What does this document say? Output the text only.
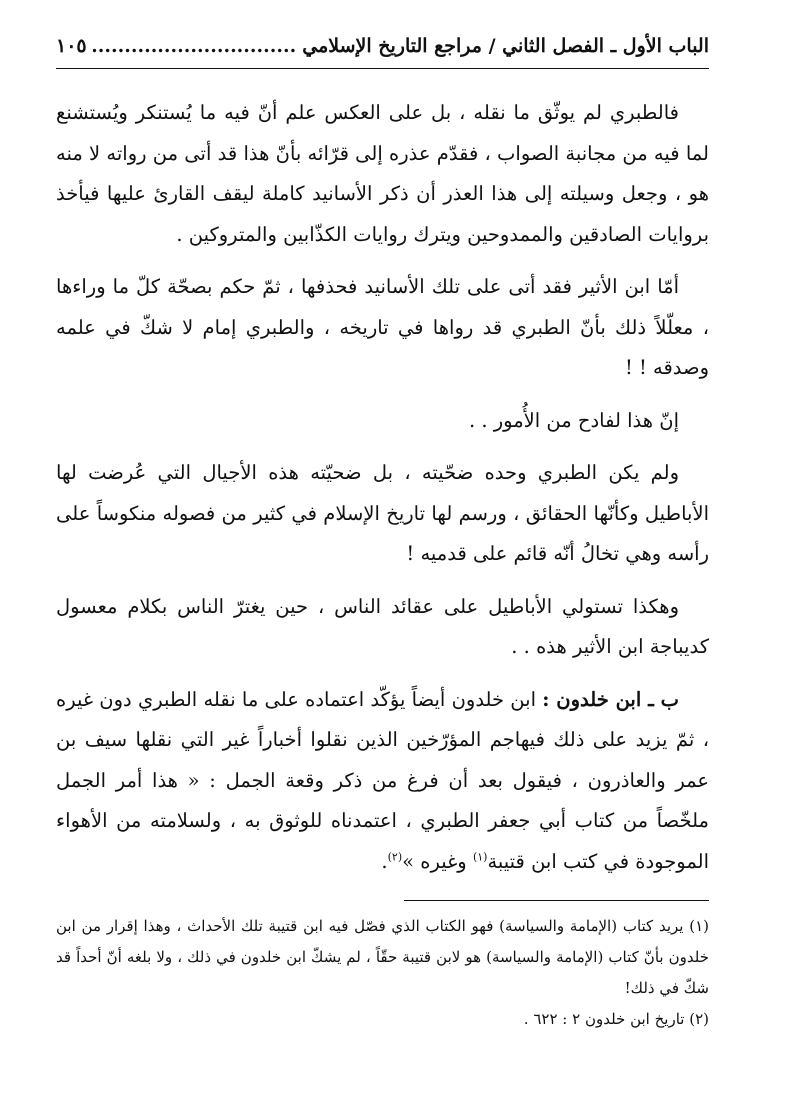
الباب الأول ـ الفصل الثاني / مراجع التاريخ الإسلامي
.....
١٠٥

فالطبري لم يوثّق ما نقله ، بل على العكس علم أنّ فيه ما يُستنكر ويُستشنع لما فيه من مجانبة الصواب ، فقدّم عذره إلى قرّائه بأنّ هذا قد أتى من رواته لا منه هو ، وجعل وسيلته إلى هذا العذر أن ذكر الأسانيد كاملة ليقف القارئ عليها فيأخذ بروايات الصادقين والممدوحين ويترك روايات الكذّابين والمتروكين .

أمّا ابن الأثير فقد أتى على تلك الأسانيد فحذفها ، ثمّ حكم بصحّة كلّ ما وراءها ، معلّلاً ذلك بأنّ الطبري قد رواها في تاريخه ، والطبري إمام لا شكّ في علمه وصدقه ! !

إنّ هذا لفادح من الأُمور . .

ولم يكن الطبري وحده ضحّيته ، بل ضحيّته هذه الأجيال التي عُرضت لها الأباطيل وكأنّها الحقائق ، ورسم لها تاريخ الإسلام في كثير من فصوله منكوساً على رأسه وهي تخالُ أنّه قائم على قدميه !

وهكذا تستولي الأباطيل على عقائد الناس ، حين يغترّ الناس بكلام معسول كديباجة ابن الأثير هذه . .

ب ـ ابن خلدون : ابن خلدون أيضاً يؤكّد اعتماده على ما نقله الطبري دون غيره ، ثمّ يزيد على ذلك فيهاجم المؤرّخين الذين نقلوا أخباراً غير التي نقلها سيف بن عمر والعاذرون ، فيقول بعد أن فرغ من ذكر وقعة الجمل : « هذا أمر الجمل ملخّصاً من كتاب أبي جعفر الطبري ، اعتمدناه للوثوق به ، ولسلامته من الأهواء الموجودة في كتب ابن قتيبة$^{(١)}$ وغيره »$^{(٢)}$.

(١) يريد كتاب (الإمامة والسياسة) فهو الكتاب الذي فصّل فيه ابن قتيبة تلك الأحداث ، وهذا إقرار من ابن خلدون بأنّ كتاب (الإمامة والسياسة) هو لابن قتيبة حقّاً ، لم يشكّ ابن خلدون في ذلك ، ولا بلغه أنّ أحداً قد شكّ في ذلك!

(٢) تاريخ ابن خلدون ٢ : ٦٢٢ .
